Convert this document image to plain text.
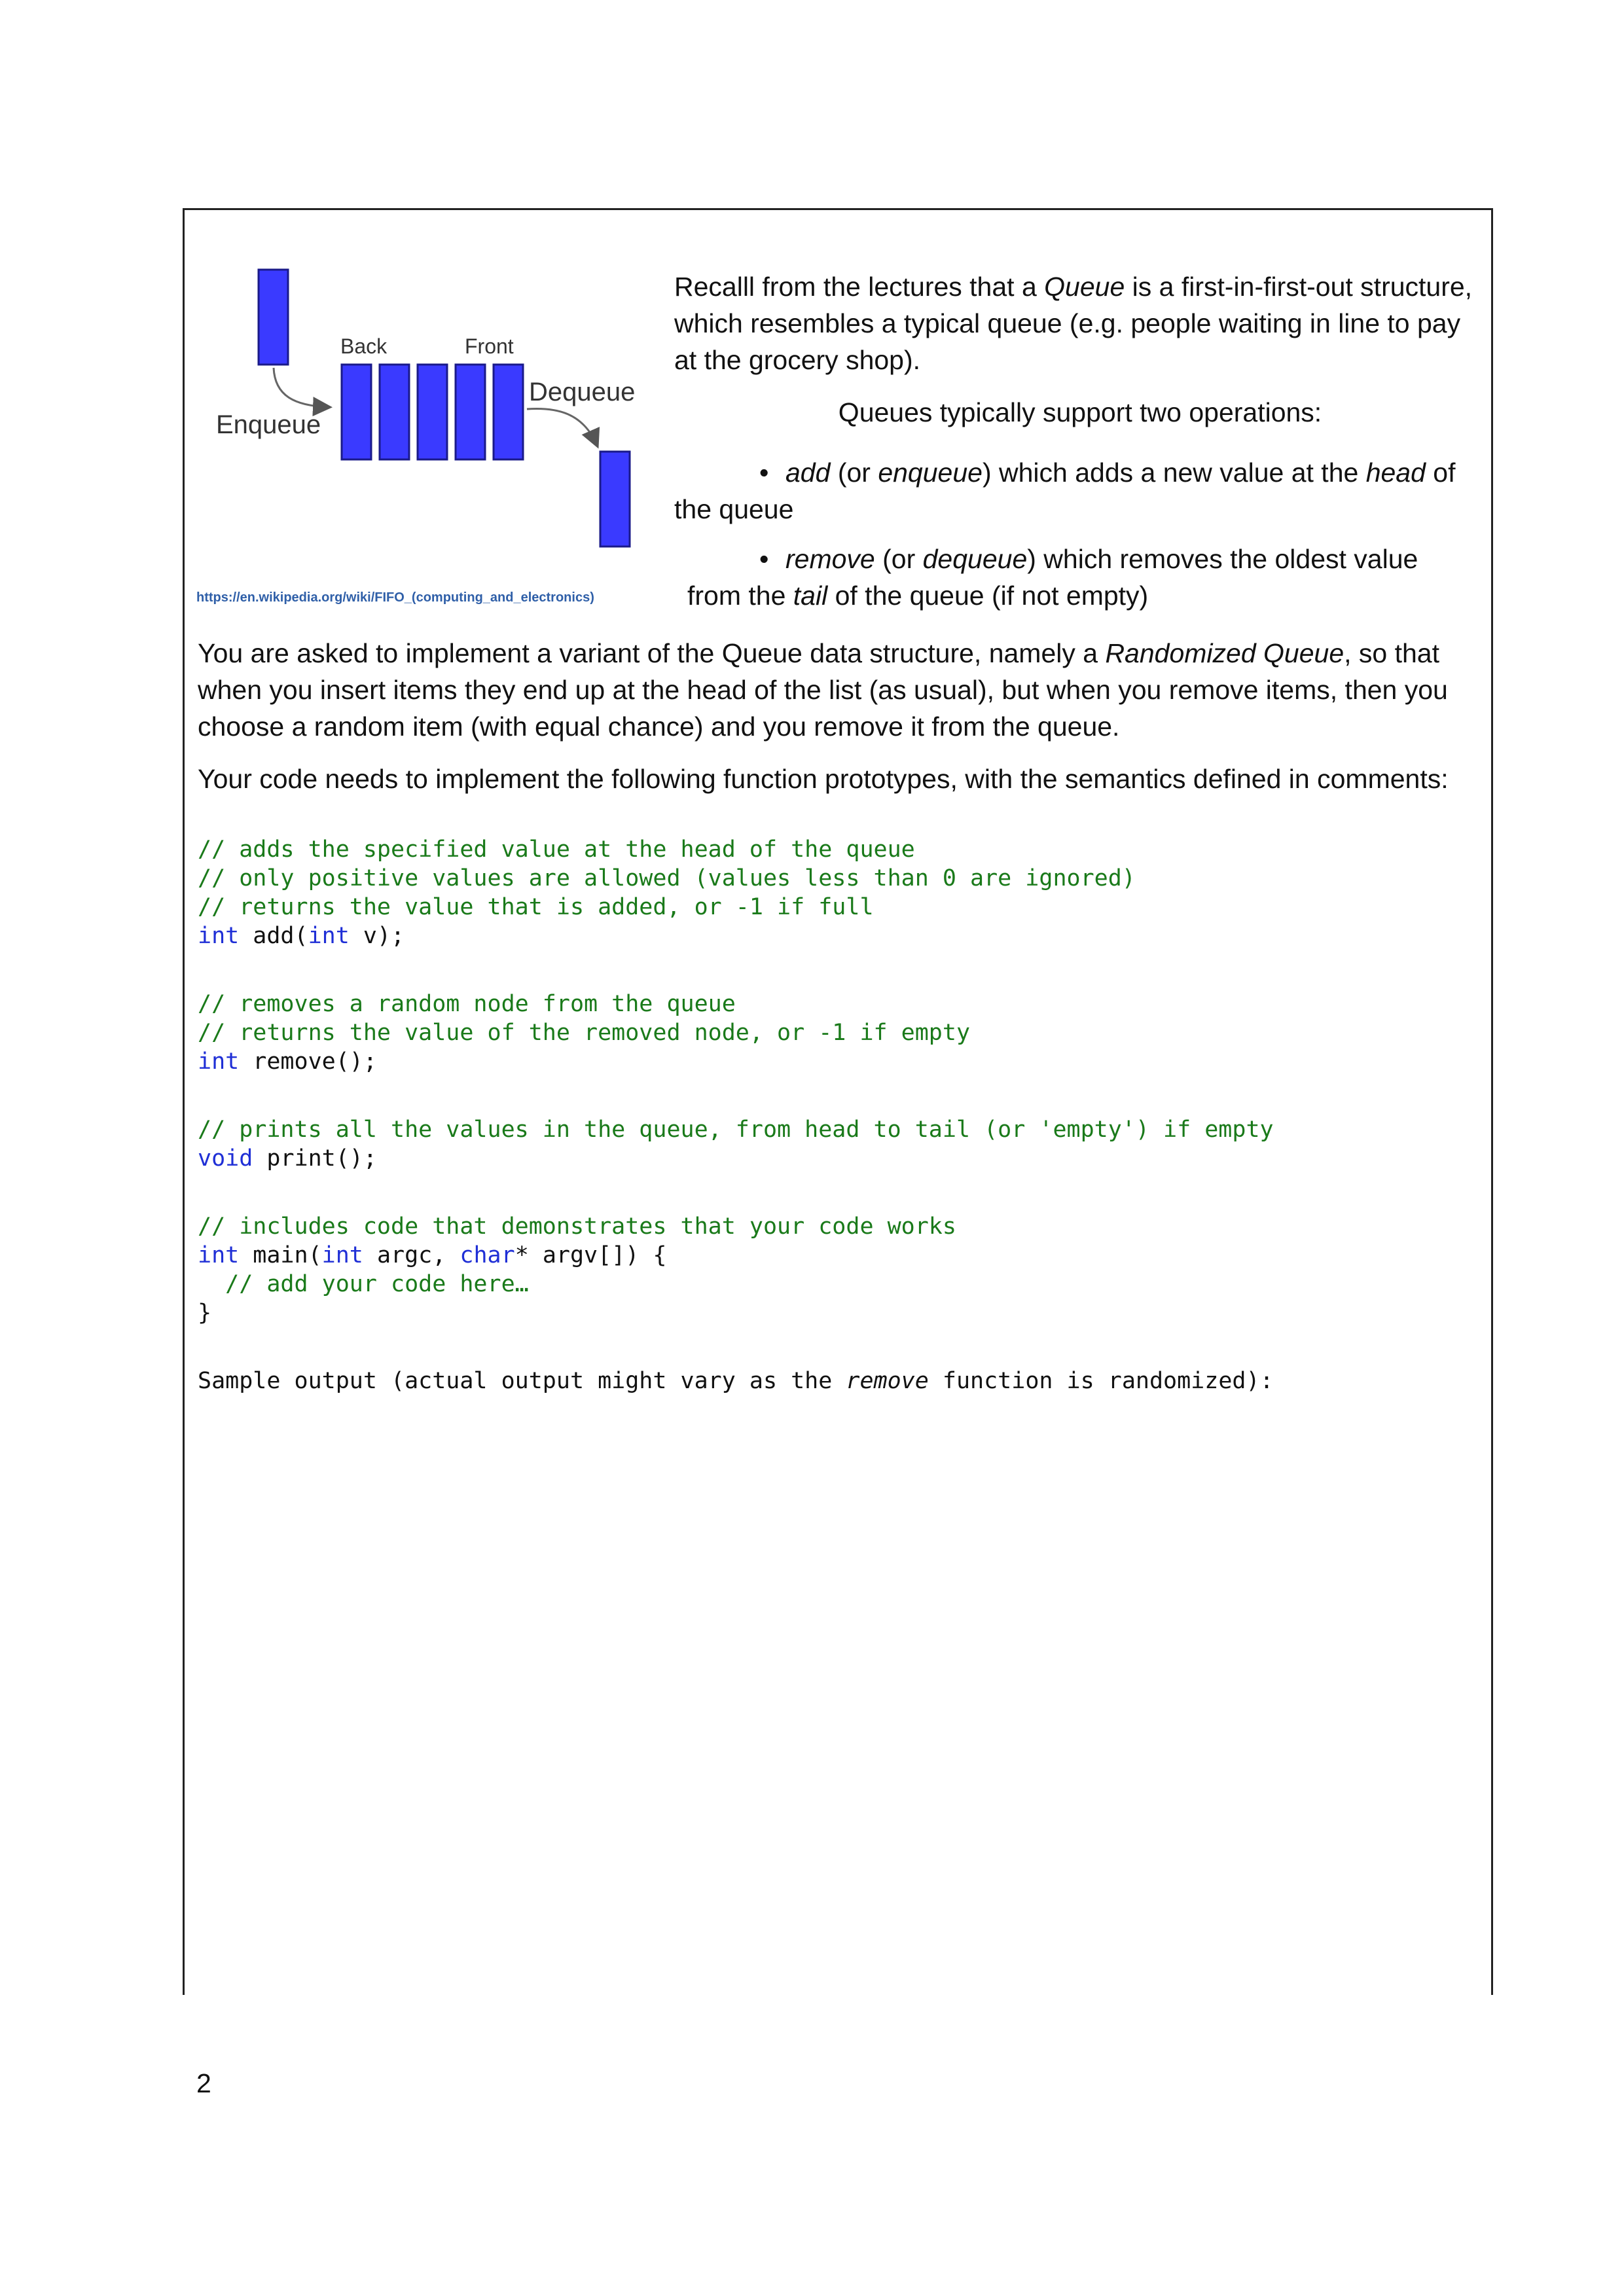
Back	Front
Enqueue
Dequeue
https://en.wikipedia.org/wiki/FIFO_(computing_and_electronics)

Recalll from the lectures that a Queue is a first-in-first-out structure, which resembles a typical queue (e.g. people waiting in line to pay at the grocery shop).

Queues typically support two operations:

• add (or enqueue) which adds a new value at the head of

the queue

• remove (or dequeue) which removes the oldest value

from the tail of the queue (if not empty)

You are asked to implement a variant of the Queue data structure, namely a Randomized Queue, so that when you insert items they end up at the head of the list (as usual), but when you remove items, then you choose a random item (with equal chance) and you remove it from the queue.

Your code needs to implement the following function prototypes, with the semantics defined in comments:

// adds the specified value at the head of the queue
// only positive values are allowed (values less than 0 are ignored)
// returns the value that is added, or -1 if full
int add(int v);
// removes a random node from the queue
// returns the value of the removed node, or -1 if empty
int remove();
// prints all the values in the queue, from head to tail (or 'empty') if empty
void print();
// includes code that demonstrates that your code works
int main(int argc, char* argv[]) {
// add your code here…
}
Sample output (actual output might vary as the remove function is randomized):
2
